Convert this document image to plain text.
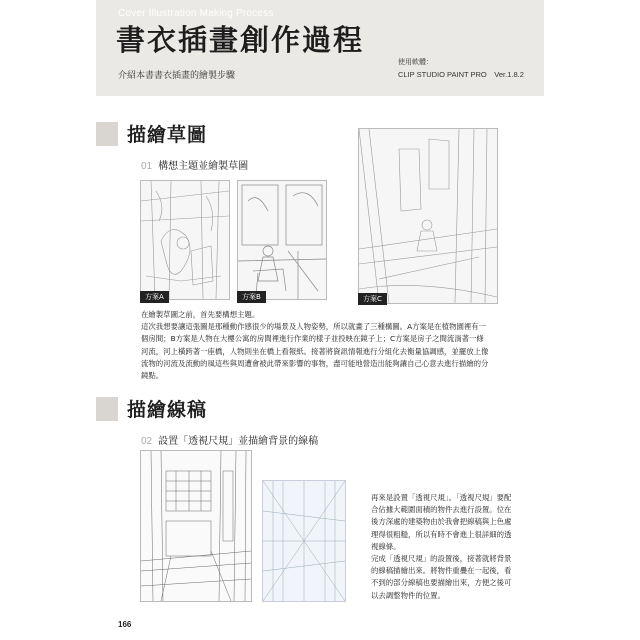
Cover Illustration Making Process
書衣插畫創作過程
介紹本書書衣插畫的繪製步驟
使用軟體：
CLIP STUDIO PAINT PRO　Ver.1.8.2
描繪草圖
01 構想主題並繪製草圖
方案A	方案B	方案C

在繪製草圖之前，首先要構想主題。

這次我想要讓這張圖是那種動作感很少的場景及人物姿勢，所以就畫了三種構圖。A方案是在植物園裡有一

個房間；B方案是人物在大樓公寓的房間裡進行作業的樣子並投映在鏡子上；C方案是房子之間流淌著一條

河流，河上橫跨著一座橋，人物則坐在橋上看報紙。接著將資訊情報進行分組化去衡量協調感，並擺放上像

流物的河流及流動的風這些與周遭會被此帶來影響的事物，盡可能地營造出能夠讓自己心意去進行描繪的分

鏡點。

描繪線稿
02 設置「透視尺規」並描繪背景的線稿

再來是設置「透視尺規」。「透視尺規」要配

合佔據大範圍面積的物件去進行設置。位在

後方深處的建築物由於我會把線稿與上色處

理得很粗糙，所以有時不會進上很詳細的透

視線條。

完成「透視尺規」的設置後，接著就將背景

的線稿描繪出來。將物件重疊在一起後，看

不到的部分線稿也要描繪出來，方便之後可

以去調整物件的位置。

166
